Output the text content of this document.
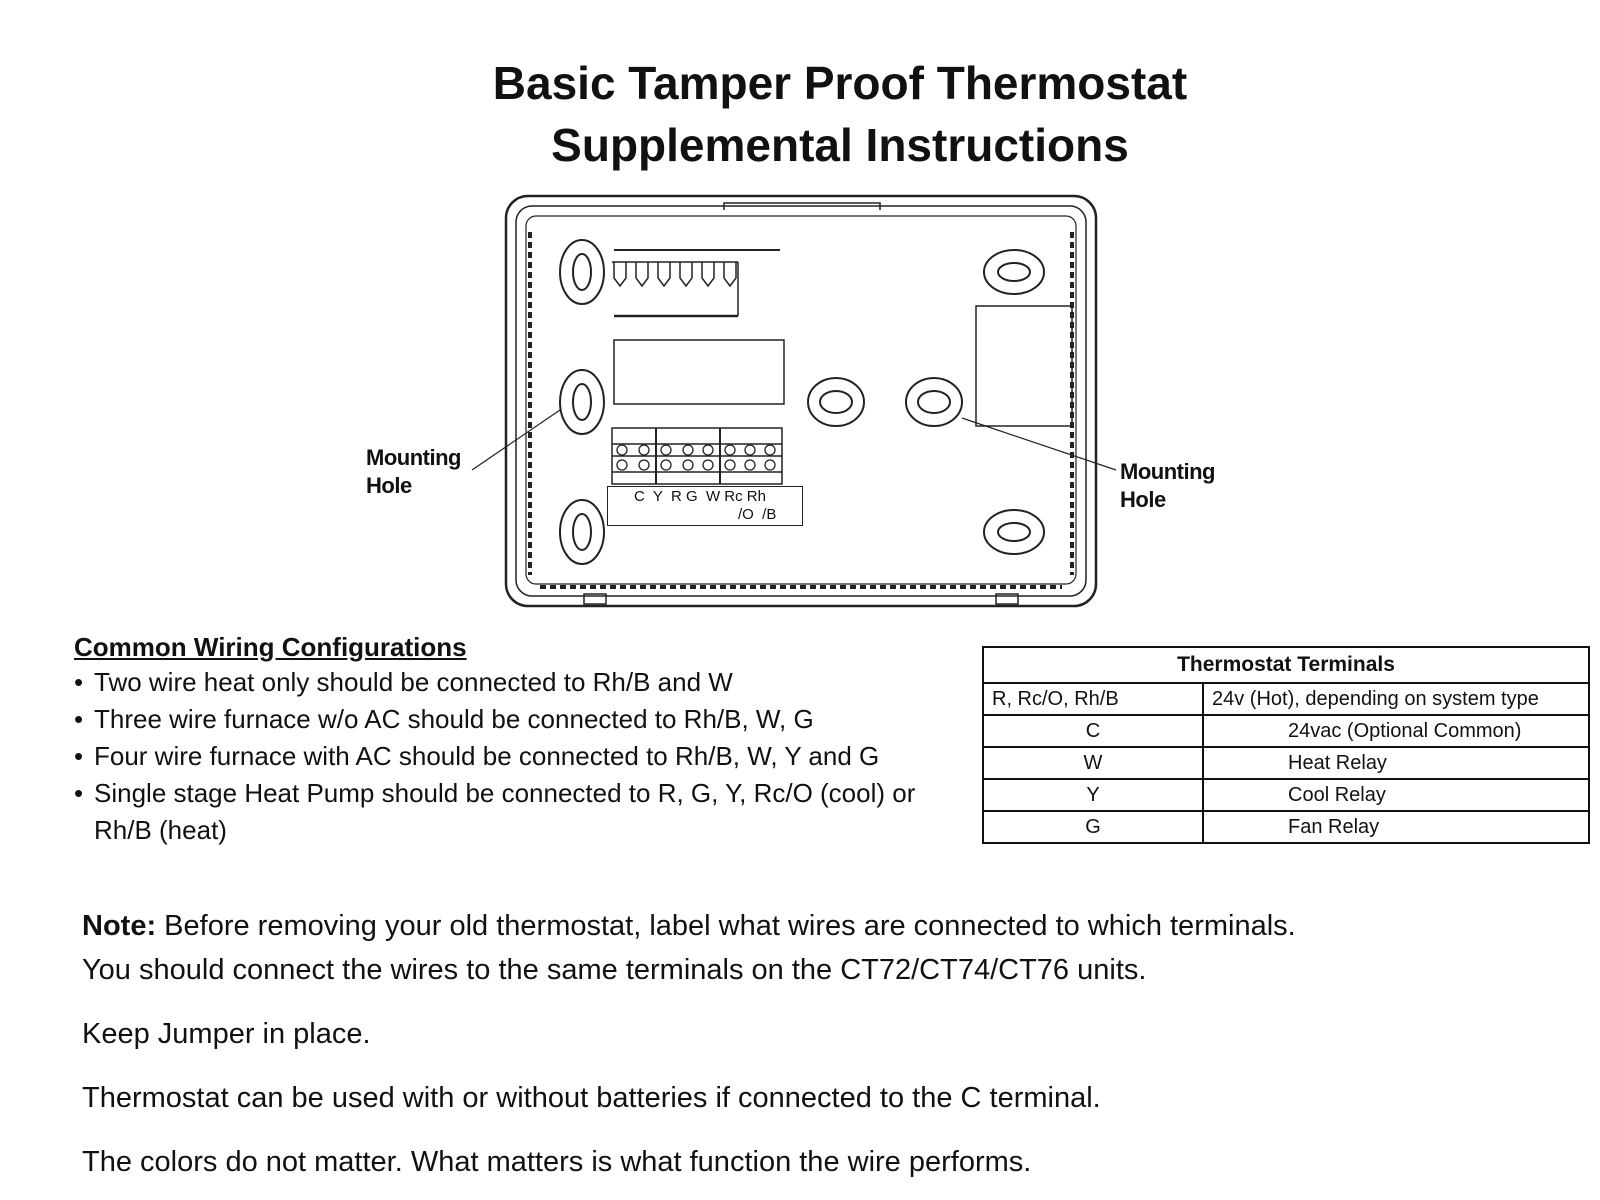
Basic Tamper Proof Thermostat
Supplemental Instructions
Mounting
Hole
Mounting
Hole
C  Y  R G  W Rc Rh
/O  /B
Common Wiring Configurations
• Two wire heat only should be connected to Rh/B and W
• Three wire furnace w/o AC should be connected to Rh/B, W, G
• Four wire furnace with AC should be connected to Rh/B, W, Y and G
• Single stage Heat Pump should be connected to R, G, Y, Rc/O (cool) or Rh/B (heat)
Thermostat Terminals	
R, Rc/O, Rh/B	24v (Hot), depending on system type
C	24vac (Optional Common)
W	Heat Relay
Y	Cool Relay
G	Fan Relay

Note: Before removing your old thermostat, label what wires are connected to which terminals.

You should connect the wires to the same terminals on the CT72/CT74/CT76 units.

Keep Jumper in place.

Thermostat can be used with or without batteries if connected to the C terminal.

The colors do not matter. What matters is what function the wire performs.
